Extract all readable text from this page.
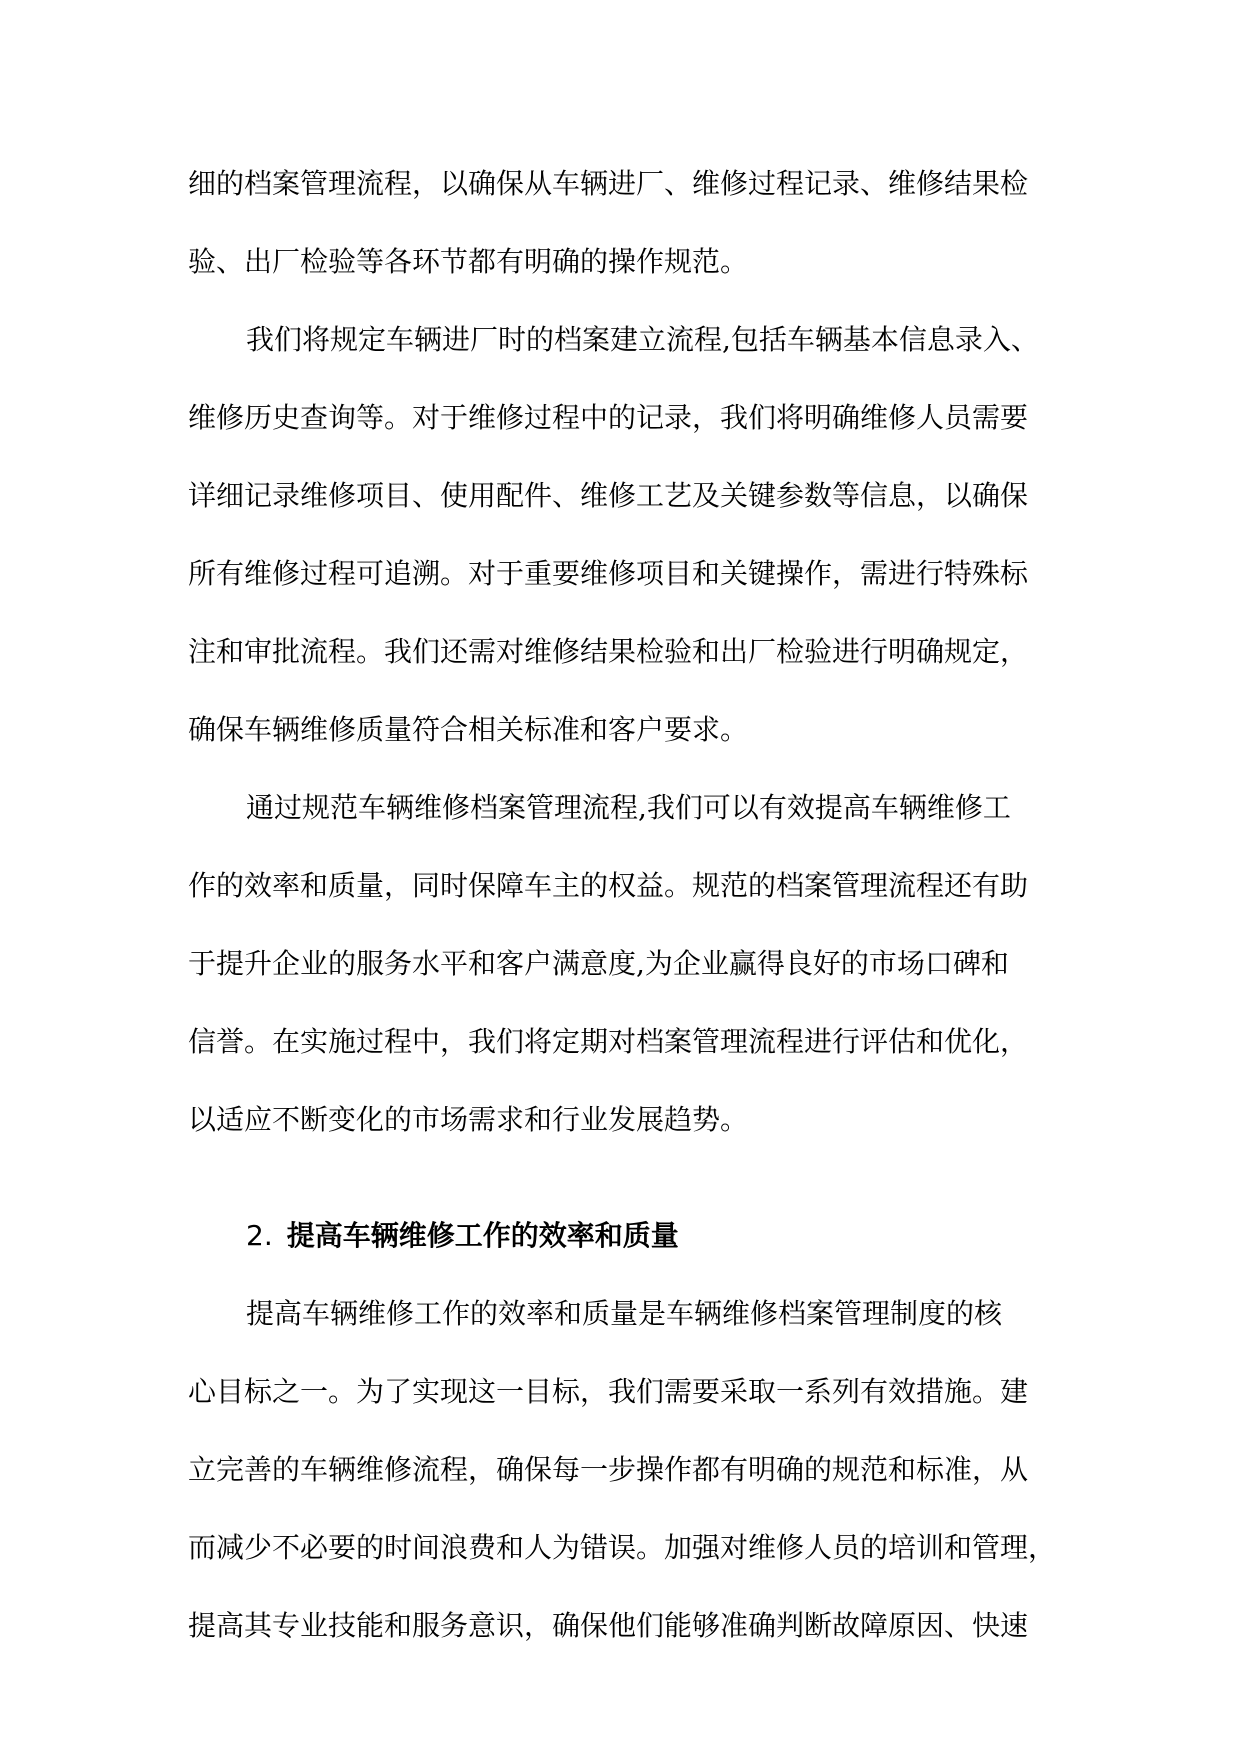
细的档案管理流程，以确保从车辆进厂、维修过程记录、维修结果检
验、出厂检验等各环节都有明确的操作规范。
我们将规定车辆进厂时的档案建立流程,包括车辆基本信息录入、
维修历史查询等。对于维修过程中的记录，我们将明确维修人员需要
详细记录维修项目、使用配件、维修工艺及关键参数等信息，以确保
所有维修过程可追溯。对于重要维修项目和关键操作，需进行特殊标
注和审批流程。我们还需对维修结果检验和出厂检验进行明确规定，
确保车辆维修质量符合相关标准和客户要求。
通过规范车辆维修档案管理流程,我们可以有效提高车辆维修工
作的效率和质量，同时保障车主的权益。规范的档案管理流程还有助
于提升企业的服务水平和客户满意度,为企业赢得良好的市场口碑和
信誉。在实施过程中，我们将定期对档案管理流程进行评估和优化，
以适应不断变化的市场需求和行业发展趋势。
2. 提高车辆维修工作的效率和质量
提高车辆维修工作的效率和质量是车辆维修档案管理制度的核
心目标之一。为了实现这一目标，我们需要采取一系列有效措施。建
立完善的车辆维修流程，确保每一步操作都有明确的规范和标准，从
而减少不必要的时间浪费和人为错误。加强对维修人员的培训和管理，
提高其专业技能和服务意识，确保他们能够准确判断故障原因、快速
